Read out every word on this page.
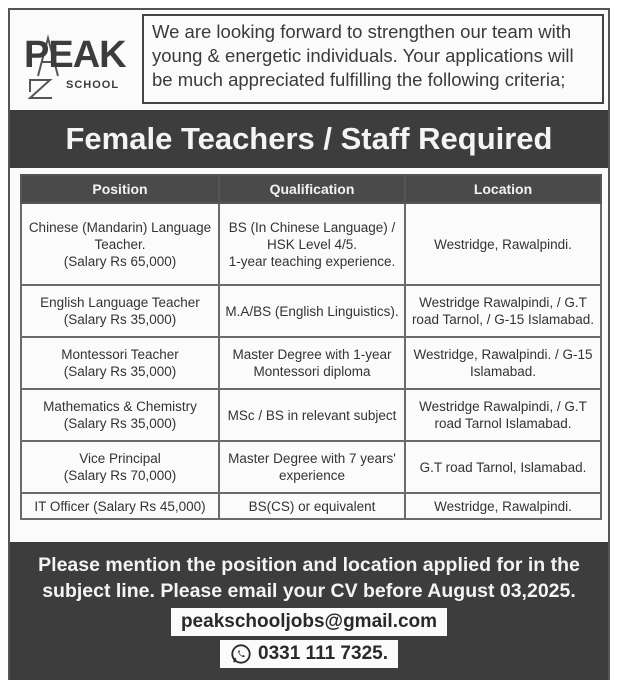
PEAK
SCHOOL
We are looking forward to strengthen our team with young & energetic individuals. Your applications will be much appreciated fulfilling the following criteria;
Female Teachers / Staff Required
Position	Qualification	Location

Chinese (Mandarin) Language
Teacher.
(Salary Rs 65,000)	BS (In Chinese Language) /
HSK Level 4/5.
1-year teaching experience.	Westridge, Rawalpindi.

English Language Teacher
(Salary Rs 35,000)	M.A/BS (English Linguistics).	Westridge Rawalpindi, / G.T
road Tarnol, / G-15 Islamabad.

Montessori Teacher
(Salary Rs 35,000)	Master Degree with 1-year
Montessori diploma	Westridge, Rawalpindi. / G-15
Islamabad.

Mathematics & Chemistry
(Salary Rs 35,000)	MSc / BS in relevant subject	Westridge Rawalpindi, / G.T
road Tarnol Islamabad.

Vice Principal
(Salary Rs 70,000)	Master Degree with 7 years'
experience	G.T road Tarnol, Islamabad.

IT Officer (Salary Rs 45,000)	BS(CS) or equivalent	Westridge, Rawalpindi.
Please mention the position and location applied for in the subject line. Please email your CV before August 03,2025.
peakschooljobs@gmail.com
0331 111 7325.
